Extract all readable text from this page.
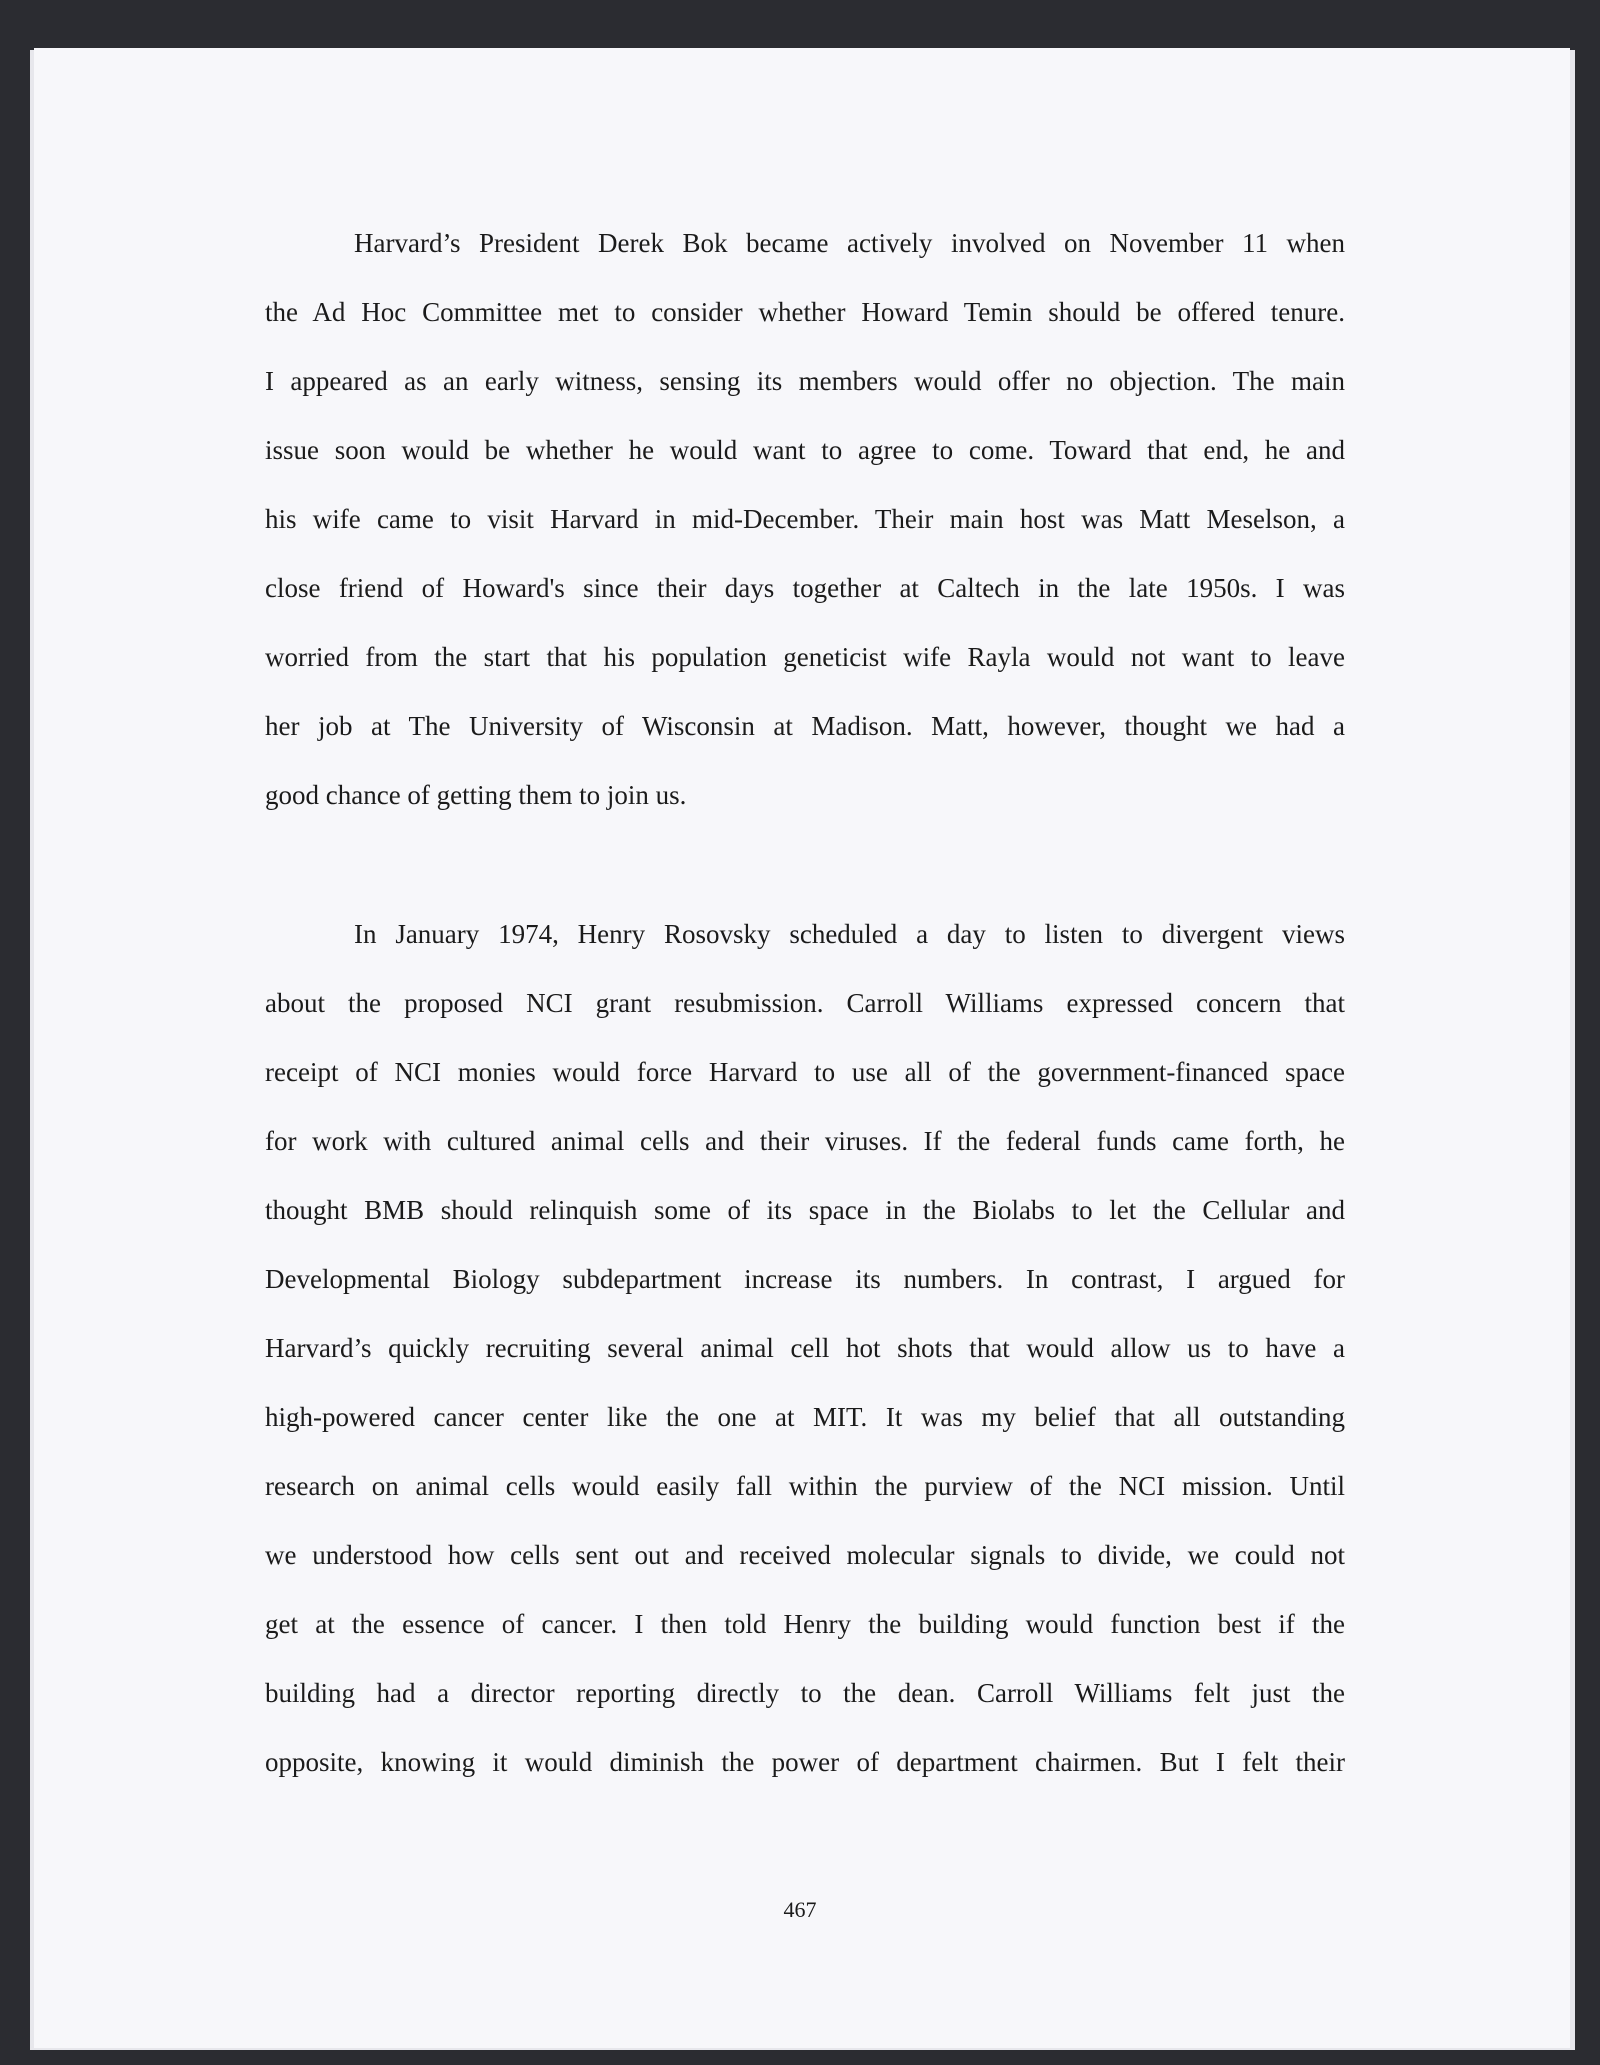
Harvard’s President Derek Bok became actively involved on November 11 when
the Ad Hoc Committee met to consider whether Howard Temin should be offered tenure.
I appeared as an early witness, sensing its members would offer no objection. The main
issue soon would be whether he would want to agree to come. Toward that end, he and
his wife came to visit Harvard in mid-December. Their main host was Matt Meselson, a
close friend of Howard's since their days together at Caltech in the late 1950s. I was
worried from the start that his population geneticist wife Rayla would not want to leave
her job at The University of Wisconsin at Madison. Matt, however, thought we had a
good chance of getting them to join us.
In January 1974, Henry Rosovsky scheduled a day to listen to divergent views
about the proposed NCI grant resubmission. Carroll Williams expressed concern that
receipt of NCI monies would force Harvard to use all of the government-financed space
for work with cultured animal cells and their viruses. If the federal funds came forth, he
thought BMB should relinquish some of its space in the Biolabs to let the Cellular and
Developmental Biology subdepartment increase its numbers. In contrast, I argued for
Harvard’s quickly recruiting several animal cell hot shots that would allow us to have a
high-powered cancer center like the one at MIT. It was my belief that all outstanding
research on animal cells would easily fall within the purview of the NCI mission. Until
we understood how cells sent out and received molecular signals to divide, we could not
get at the essence of cancer. I then told Henry the building would function best if the
building had a director reporting directly to the dean. Carroll Williams felt just the
opposite, knowing it would diminish the power of department chairmen. But I felt their
467
